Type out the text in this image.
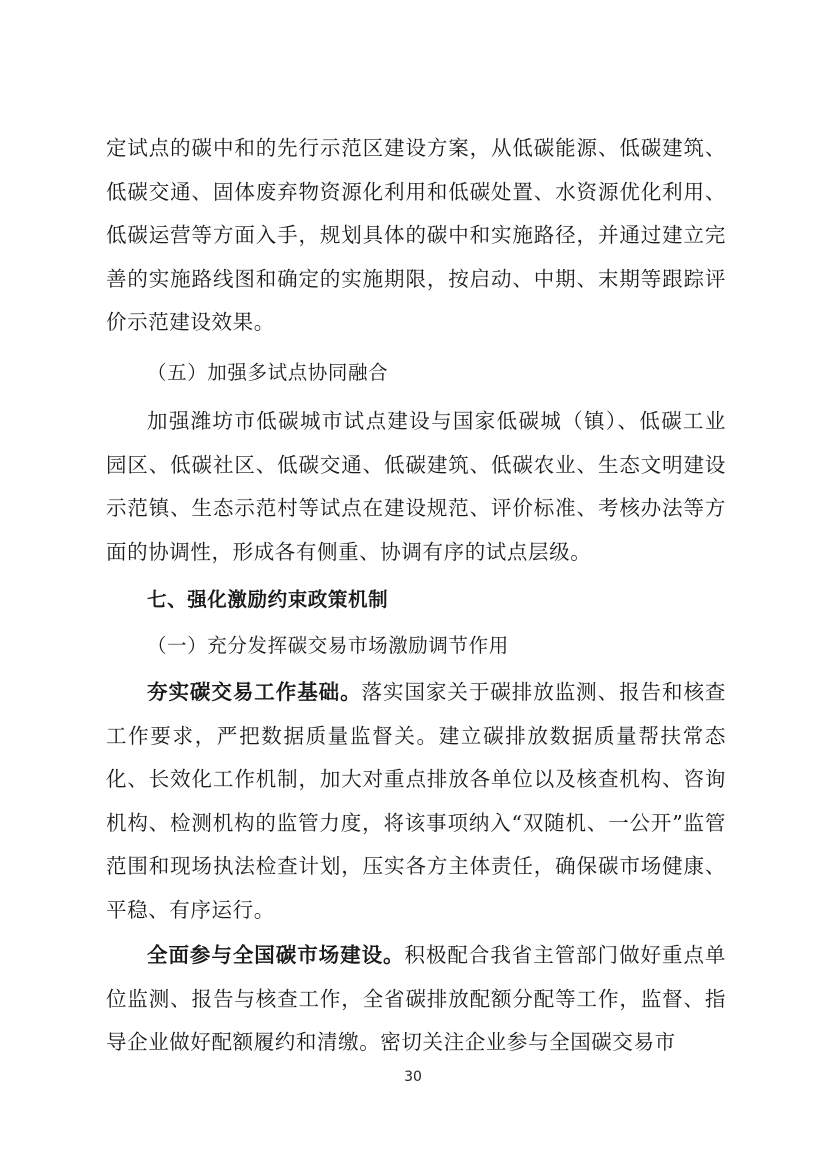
定试点的碳中和的先行示范区建设方案，从低碳能源、低碳建筑、低碳交通、固体废弃物资源化利用和低碳处置、水资源优化利用、低碳运营等方面入手，规划具体的碳中和实施路径，并通过建立完善的实施路线图和确定的实施期限，按启动、中期、末期等跟踪评价示范建设效果。

（五）加强多试点协同融合

加强潍坊市低碳城市试点建设与国家低碳城（镇）、低碳工业园区、低碳社区、低碳交通、低碳建筑、低碳农业、生态文明建设示范镇、生态示范村等试点在建设规范、评价标准、考核办法等方面的协调性，形成各有侧重、协调有序的试点层级。

七、强化激励约束政策机制

（一）充分发挥碳交易市场激励调节作用

夯实碳交易工作基础。落实国家关于碳排放监测、报告和核查工作要求，严把数据质量监督关。建立碳排放数据质量帮扶常态化、长效化工作机制，加大对重点排放各单位以及核查机构、咨询机构、检测机构的监管力度，将该事项纳入“双随机、一公开”监管范围和现场执法检查计划，压实各方主体责任，确保碳市场健康、平稳、有序运行。

全面参与全国碳市场建设。积极配合我省主管部门做好重点单位监测、报告与核查工作，全省碳排放配额分配等工作，监督、指导企业做好配额履约和清缴。密切关注企业参与全国碳交易市

30
